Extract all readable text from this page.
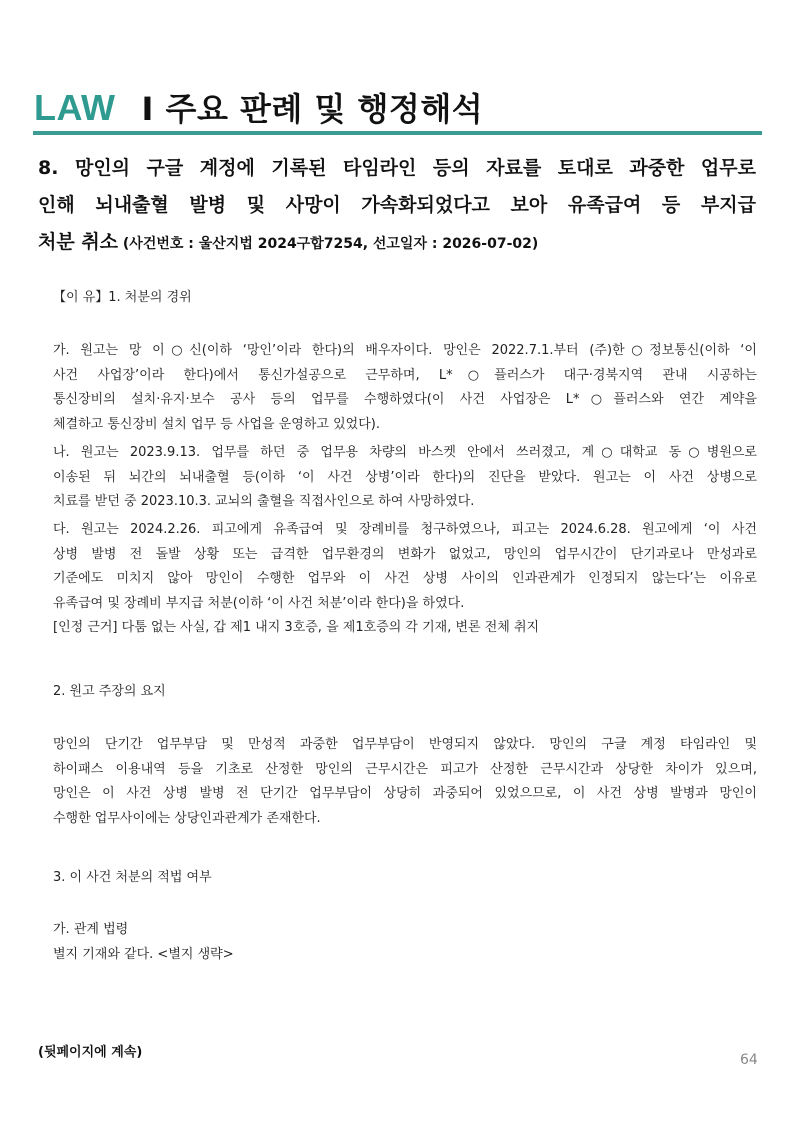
LAW I 주요 판례 및 행정해석
8. 망인의 구글 계정에 기록된 타임라인 등의 자료를 토대로 과중한 업무로
인해 뇌내출혈 발병 및 사망이 가속화되었다고 보아 유족급여 등 부지급
처분 취소 (사건번호 : 울산지법 2024구합7254, 선고일자 : 2026-07-02)
【이 유】1. 처분의 경위
가. 원고는 망 이○신(이하 ‘망인’이라 한다)의 배우자이다. 망인은 2022.7.1.부터 (주)한○정보통신(이하 ‘이
사건 사업장’이라 한다)에서 통신가설공으로 근무하며, L*○플러스가 대구·경북지역 관내 시공하는
통신장비의 설치·유지·보수 공사 등의 업무를 수행하였다(이 사건 사업장은 L*○플러스와 연간 계약을
체결하고 통신장비 설치 업무 등 사업을 운영하고 있었다).
나. 원고는 2023.9.13. 업무를 하던 중 업무용 차량의 바스켓 안에서 쓰러졌고, 계○대학교 동○병원으로
이송된 뒤 뇌간의 뇌내출혈 등(이하 ‘이 사건 상병’이라 한다)의 진단을 받았다. 원고는 이 사건 상병으로
치료를 받던 중 2023.10.3. 교뇌의 출혈을 직접사인으로 하여 사망하였다.
다. 원고는 2024.2.26. 피고에게 유족급여 및 장례비를 청구하였으나, 피고는 2024.6.28. 원고에게 ‘이 사건
상병 발병 전 돌발 상황 또는 급격한 업무환경의 변화가 없었고, 망인의 업무시간이 단기과로나 만성과로
기준에도 미치지 않아 망인이 수행한 업무와 이 사건 상병 사이의 인과관계가 인정되지 않는다’는 이유로
유족급여 및 장례비 부지급 처분(이하 ‘이 사건 처분’이라 한다)을 하였다.
[인정 근거] 다툼 없는 사실, 갑 제1 내지 3호증, 을 제1호증의 각 기재, 변론 전체 취지
2. 원고 주장의 요지
망인의 단기간 업무부담 및 만성적 과중한 업무부담이 반영되지 않았다. 망인의 구글 계정 타임라인 및
하이패스 이용내역 등을 기초로 산정한 망인의 근무시간은 피고가 산정한 근무시간과 상당한 차이가 있으며,
망인은 이 사건 상병 발병 전 단기간 업무부담이 상당히 과중되어 있었으므로, 이 사건 상병 발병과 망인이
수행한 업무사이에는 상당인과관계가 존재한다.
3. 이 사건 처분의 적법 여부
가. 관계 법령
별지 기재와 같다. <별지 생략>
(뒷페이지에 계속)	64
